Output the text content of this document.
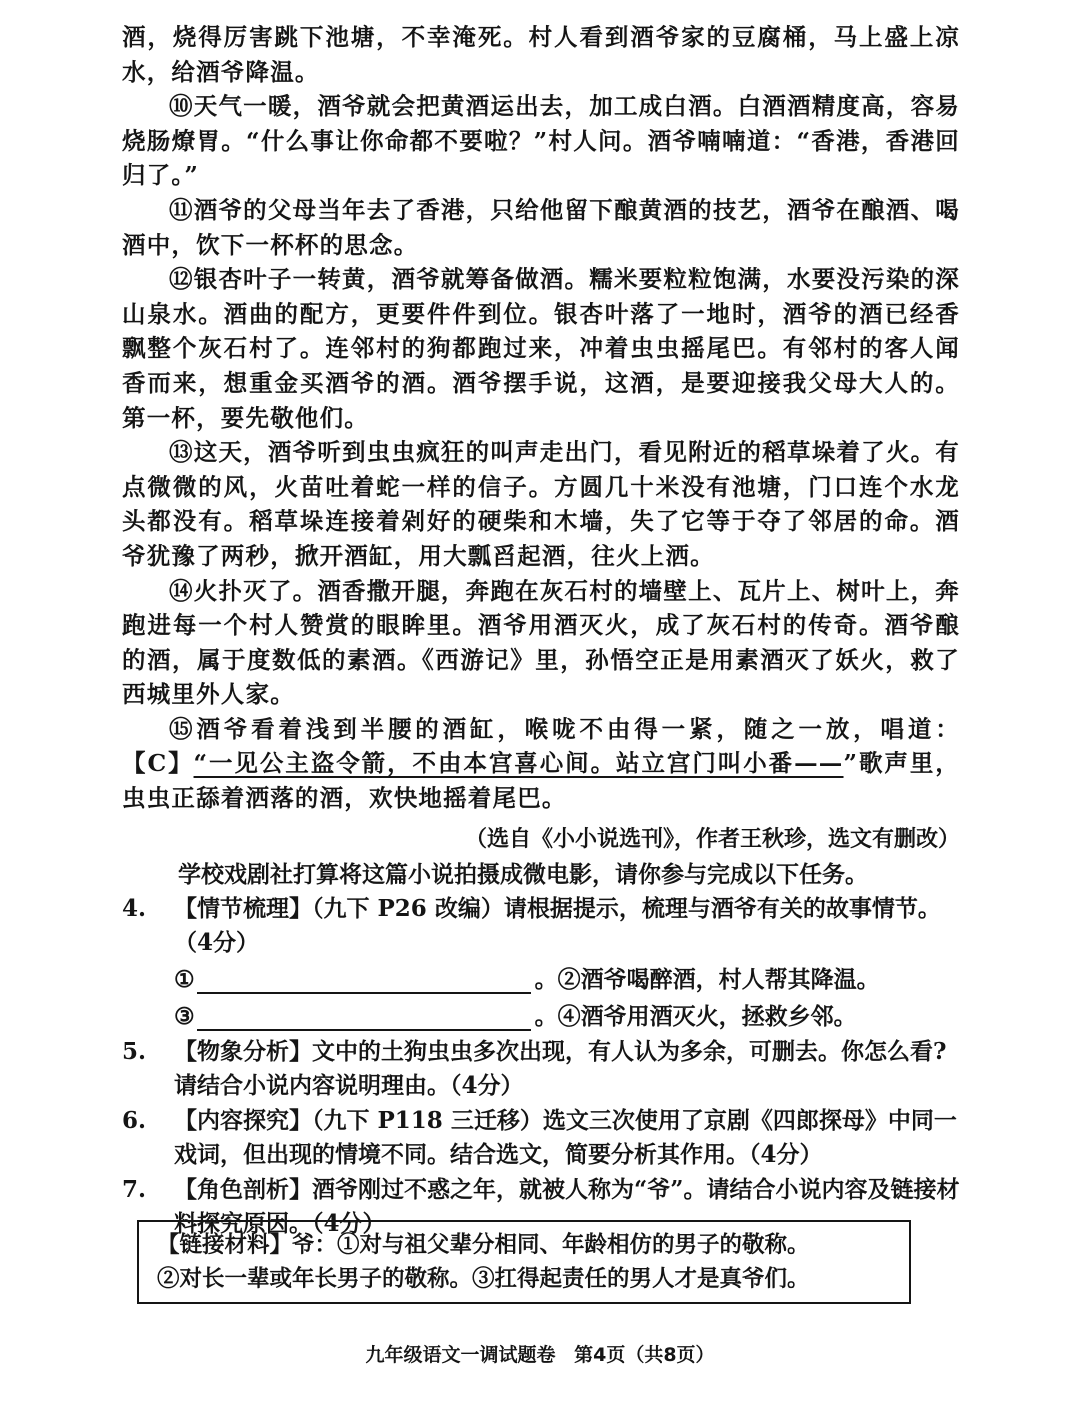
酒，烧得厉害跳下池塘，不幸淹死。村人看到酒爷家的豆腐桶，马上盛上凉水，给酒爷降温。

⑩天气一暖，酒爷就会把黄酒运出去，加工成白酒。白酒酒精度高，容易烧肠燎胃。“什么事让你命都不要啦？”村人问。酒爷喃喃道：“香港，香港回归了。”

⑪酒爷的父母当年去了香港，只给他留下酿黄酒的技艺，酒爷在酿酒、喝酒中，饮下一杯杯的思念。

⑫银杏叶子一转黄，酒爷就筹备做酒。糯米要粒粒饱满，水要没污染的深山泉水。酒曲的配方，更要件件到位。银杏叶落了一地时，酒爷的酒已经香飘整个灰石村了。连邻村的狗都跑过来，冲着虫虫摇尾巴。有邻村的客人闻香而来，想重金买酒爷的酒。酒爷摆手说，这酒，是要迎接我父母大人的。第一杯，要先敬他们。

⑬这天，酒爷听到虫虫疯狂的叫声走出门，看见附近的稻草垛着了火。有点微微的风，火苗吐着蛇一样的信子。方圆几十米没有池塘，门口连个水龙头都没有。稻草垛连接着剁好的硬柴和木墙，失了它等于夺了邻居的命。酒爷犹豫了两秒，掀开酒缸，用大瓢舀起酒，往火上洒。

⑭火扑灭了。酒香撒开腿，奔跑在灰石村的墙壁上、瓦片上、树叶上，奔跑进每一个村人赞赏的眼眸里。酒爷用酒灭火，成了灰石村的传奇。酒爷酿的酒，属于度数低的素酒。《西游记》里，孙悟空正是用素酒灭了妖火，救了西城里外人家。

⑮酒爷看着浅到半腰的酒缸，喉咙不由得一紧，随之一放，唱道：【C】“一见公主盗令箭，不由本宫喜心间。站立宫门叫小番——”歌声里，虫虫正舔着洒落的酒，欢快地摇着尾巴。

（选自《小小说选刊》，作者王秋珍，选文有删改）
学校戏剧社打算将这篇小说拍摄成微电影，请你参与完成以下任务。
4.	【情节梳理】（九下 P26 改编）请根据提示，梳理与酒爷有关的故事情节。（4分）
①	。②酒爷喝醉酒，村人帮其降温。
③	。④酒爷用酒灭火，拯救乡邻。
5.	【物象分析】文中的土狗虫虫多次出现，有人认为多余，可删去。你怎么看?请结合小说内容说明理由。（4分）
6.	【内容探究】（九下 P118 三迁移）选文三次使用了京剧《四郎探母》中同一戏词，但出现的情境不同。结合选文，简要分析其作用。（4分）
7.	【角色剖析】酒爷刚过不惑之年，就被人称为“爷”。请结合小说内容及链接材料探究原因。（4分）
【链接材料】爷：①对与祖父辈分相同、年龄相仿的男子的敬称。
②对长一辈或年长男子的敬称。③扛得起责任的男人才是真爷们。
九年级语文一调试题卷 第4页（共8页）
